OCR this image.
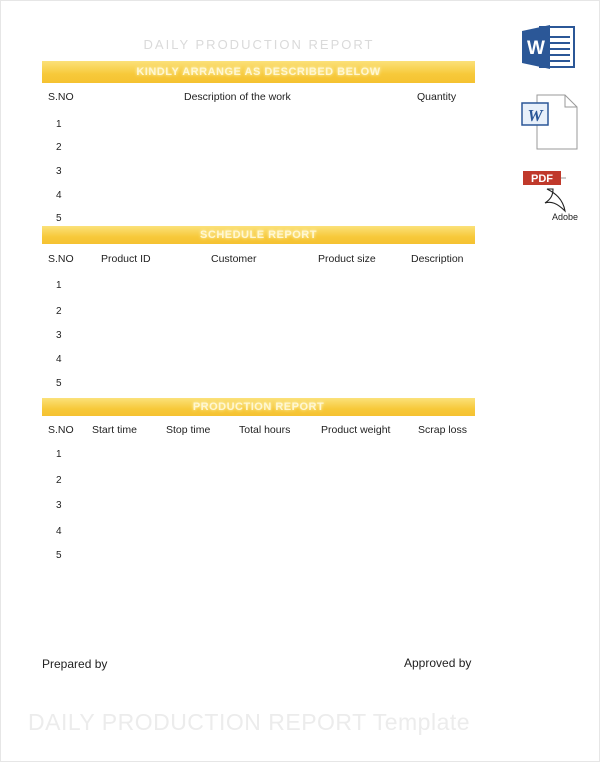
DAILY PRODUCTION REPORT
KINDLY ARRANGE AS DESCRIBED BELOW
S.NO	Description of the work	Quantity
1
2
3
4
5
SCHEDULE REPORT
S.NO	Product ID	Customer	Product size	Description
1
2
3
4
5
PRODUCTION REPORT
S.NO Start time	Stop time	Total hours	Product weight	Scrap loss
1
2
3
4
5
Prepared by	Approved by
DAILY PRODUCTION REPORT Template
W
W
PDF
Adobe
